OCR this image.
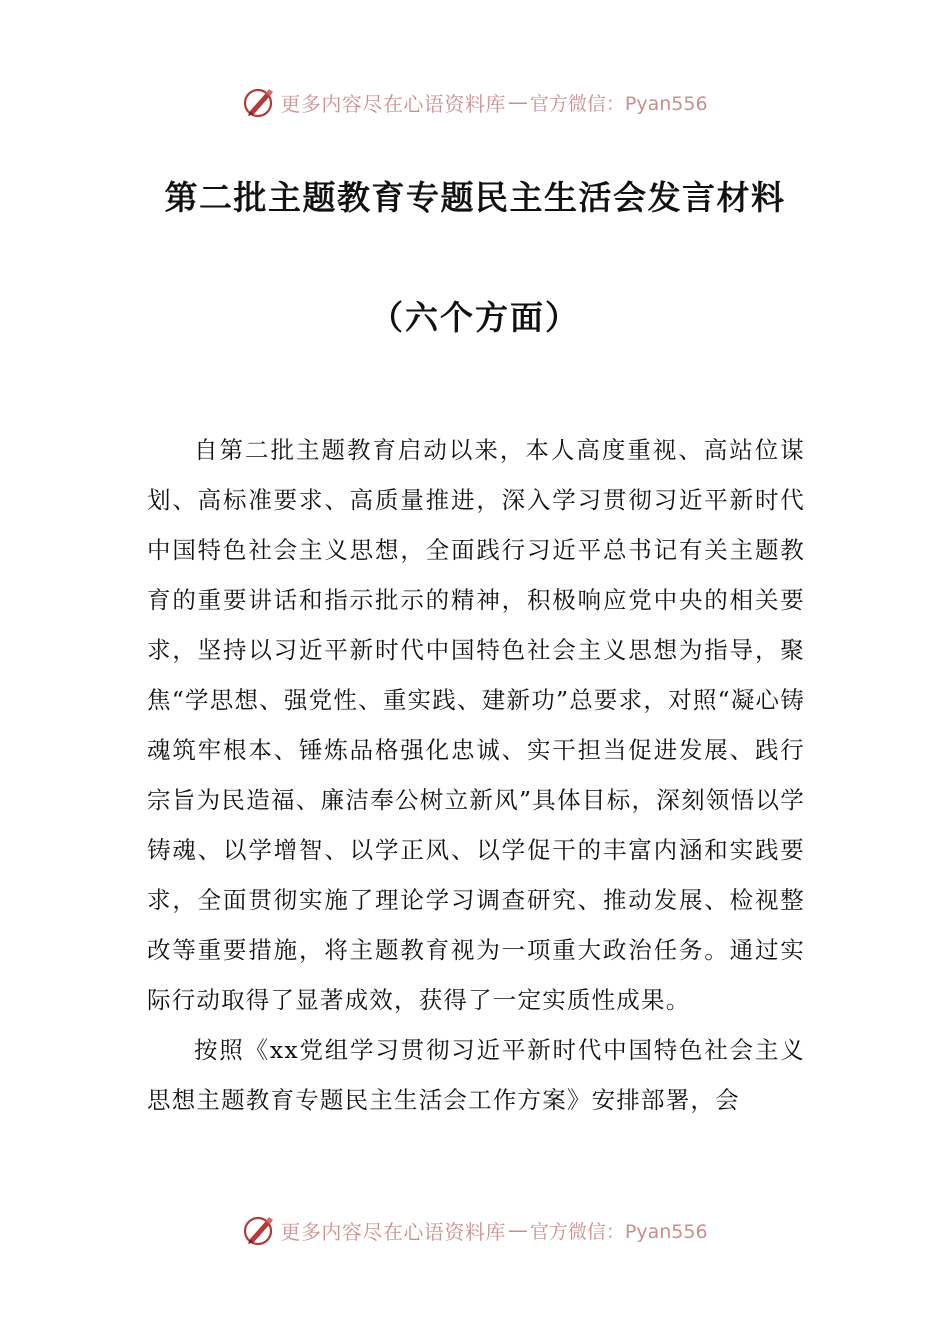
更多内容尽在心语资料库 — 官方微信：Pyan556
第二批主题教育专题民主生活会发言材料
（六个方面）

自第二批主题教育启动以来，本人高度重视、高站位谋划、高标准要求、高质量推进，深入学习贯彻习近平新时代中国特色社会主义思想，全面践行习近平总书记有关主题教育的重要讲话和指示批示的精神，积极响应党中央的相关要求，坚持以习近平新时代中国特色社会主义思想为指导，聚焦“学思想、强党性、重实践、建新功”总要求，对照“凝心铸魂筑牢根本、锤炼品格强化忠诚、实干担当促进发展、践行宗旨为民造福、廉洁奉公树立新风”具体目标，深刻领悟以学铸魂、以学增智、以学正风、以学促干的丰富内涵和实践要求，全面贯彻实施了理论学习调查研究、推动发展、检视整改等重要措施，将主题教育视为一项重大政治任务。通过实际行动取得了显著成效，获得了一定实质性成果。

按照《xx党组学习贯彻习近平新时代中国特色社会主义思想主题教育专题民主生活会工作方案》安排部署，会

更多内容尽在心语资料库 — 官方微信：Pyan556
